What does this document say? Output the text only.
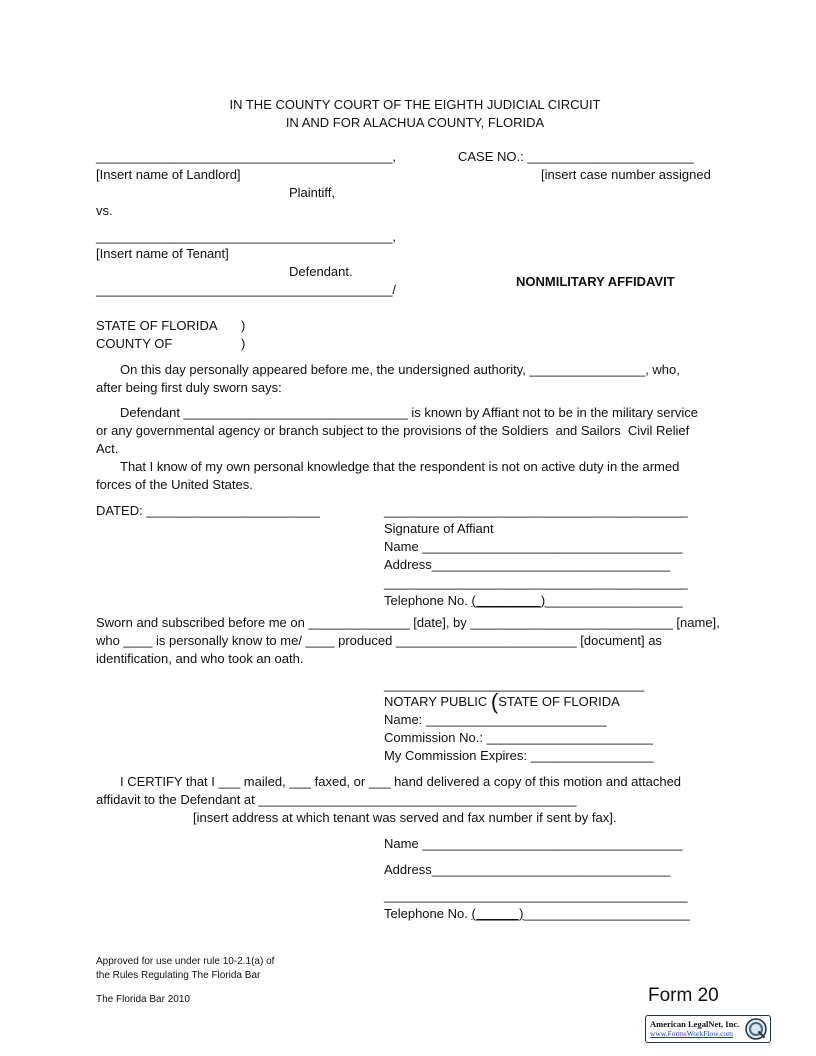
IN THE COUNTY COURT OF THE EIGHTH JUDICIAL CIRCUIT
IN AND FOR ALACHUA COUNTY, FLORIDA
_________________________________________,
[Insert name of Landlord]
Plaintiff,
vs.
_________________________________________,
[Insert name of Tenant]
Defendant.
_________________________________________/
CASE NO.: _______________________
[insert case number assigned
NONMILITARY AFFIDAVIT
STATE OF FLORIDA )
COUNTY OF	)
On this day personally appeared before me, the undersigned authority, ________________, who,
after being first duly sworn says:
Defendant _______________________________ is known by Affiant not to be in the military service
or any governmental agency or branch subject to the provisions of the Soldiers  and Sailors  Civil Relief
Act.
That I know of my own personal knowledge that the respondent is not on active duty in the armed
forces of the United States.
DATED: ________________________	__________________________________________
Signature of Affiant
Name ____________________________________
Address_________________________________
__________________________________________
Telephone No. (_________)___________________
Sworn and subscribed before me on ______________ [date], by ____________________________ [name],
who ____ is personally know to me/ ____ produced _________________________ [document] as
identification, and who took an oath.
____________________________________
NOTARY PUBLIC (STATE OF FLORIDA
Name: _________________________
Commission No.: _______________________
My Commission Expires: _________________
I CERTIFY that I ___ mailed, ___ faxed, or ___ hand delivered a copy of this motion and attached
affidavit to the Defendant at ____________________________________________
[insert address at which tenant was served and fax number if sent by fax].
Name ____________________________________
Address_________________________________
__________________________________________
Telephone No. (______)_______________________
Approved for use under rule 10-2.1(a) of
the Rules Regulating The Florida Bar
The Florida Bar 2010	Form 20
American LegalNet, Inc.
www.FormsWorkFlow.com
